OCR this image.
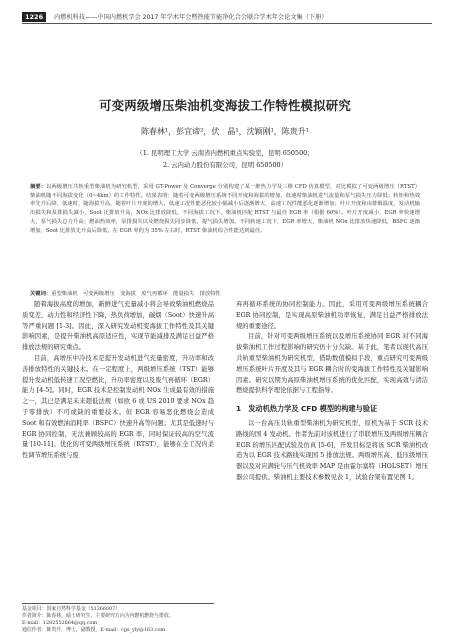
1226	内燃机科技——中国内燃机学会 2017 年学术年会暨热能节能净化合会联合学术年会论文集（下册）
可变两级增压柴油机变海拔工作特性模拟研究
陈春林¹，彭宜谛²，伏　晶¹，沈颖刚¹，陈贵升¹
（1. 昆明理工大学 云南省内燃机重点实验室，昆明 650500；
2. 云内动力股份有限公司，昆明 650500）
摘要：以两级增压共轨重型柴油机为研究机型，采用 GT-Power 及 Converge 分别构建了某一维热力学及三维 CFD 仿真模型，对比模拟了可变两级增压（RTST）柴油机随不同海拔变化（0~4km）的工作特性。结果表明：随着可变两级增压系统不同开度和海拔的增加，低速时柴油机进气流量和泵气损失压力降低；转矩和热效率先升后降，低速时，随海拔升高，随着叶片开度的增大，低速工况性能恶化较小幅减小后逐渐增大，高速工况性能恶化逐渐增加；叶片开度和由排烟温度，发动机输出损失和泵排损失减小，Soot 比排放升高，NOx 比排放降低，不同海拔工况下，柴油机匹配 RTST 与最佳 EGR 率（根据 60%）。叶片开度减小，EGR 率快速增大，泵气损失总力升高；燃油热效率，泵排损失以及燃烧损失同步降低，提气损失增加。不同转速工况下，EGR 率增大，柴油机 NOx 比排放快速降低，BSFC 逐渐增加，Soot 比排放先升高后降低，在 EGR 率约为 35% 左右时，RTST 柴油机综合性能达到最佳。
关键词：重型柴油机　可变两级增压　变海拔　废气再循环　能量损失　排放特性

随着海拔高度的增加，新鲜进气充量减小将会导致柴油机燃烧品质变差，动力性和经济性下降，热负荷增加，碳烟（Soot）快速升高等严重问题 [1-3]。因此，深入研究发动机变海拔工作特性及其关键影响因素，是提升柴油机高原适应性，实现节能减排及满足日益严格排放法规的研究重点。

目前，高增压中冷技术是提升发动机进气充量密度，升功率和改善排放特性的关键技术。在一定程度上，两级增压系统（TST）能够提升发动机低转速工况空燃比，升功率密度以及废气再循环（EGR）能力 [4-5]。同时，EGR 技术是控制发动机 NOx 生成最有效的措施之一，其已是满足未来超低法规（如欧 6 或 US 2010 要求 NOx 趋于零排放）不可或缺的重要技术。但 EGR 容易恶化燃烧会造成 Soot 和有效燃油消耗率（BSFC）快速升高等问题；尤其是低速时与 EGR 协同控制，无法兼顾较高的 EGR 率，同时保证较高的空气流量 [10-11]。优化的可变两级增压系统（RTST），能够在全工况内柔性调节增压系统与废

弃再循环系统的协同控制能力。因此，采用可变两级增压系统耦合 EGR 协同控制，是实现高原柴油机功率恢复，满足日益严格排放法规的重要途径。

目前，针对可变两级增压系统以及增压系统协同 EGR 对不同海拔柴油机工作过程影响的研究仍十分欠缺。基于此，笔者以现代高压共轨重型柴油机为研究机型，借助数值模拟手段，重点研究可变两级增压系统叶片开度及其与 EGR 耦合时的变海拔工作特性及关键影响因素。研究以期为高原柴油机增压系统的优化匹配，实现高效与清洁燃烧提供科学理论依据与工程指导。

1　发动机热力学及 CFD 模型的构建与验证

以一台高压共轨重型柴油机为研究机型，原机为基于 SCR 技术路线的国 4 发动机。作者先前对该机进行了串联增压及两级增压耦合 EGR 的增压匹配试验及仿真 [5-6]，开发目标是将该 SCR 柴油机改造为以 EGR 技术路线实现国 5 排放法规。两级增压高、低压级增压器以及对应满轮与压气机效率 MAP 是由霍尔塞特（HOLSET）增压器公司提供。柴油机主要技术参数见表 1，试验台架布置见图 1。

基金项目：国家自然科学基金（51366007）
作者简介：陈春林，硕士研究生，主要研究方向为内燃机燃烧与排放。
E-mail：1282552664@qq.com
通信作者：陈贵升，博士，副教授。E-mail：cgs_yly@163.com
